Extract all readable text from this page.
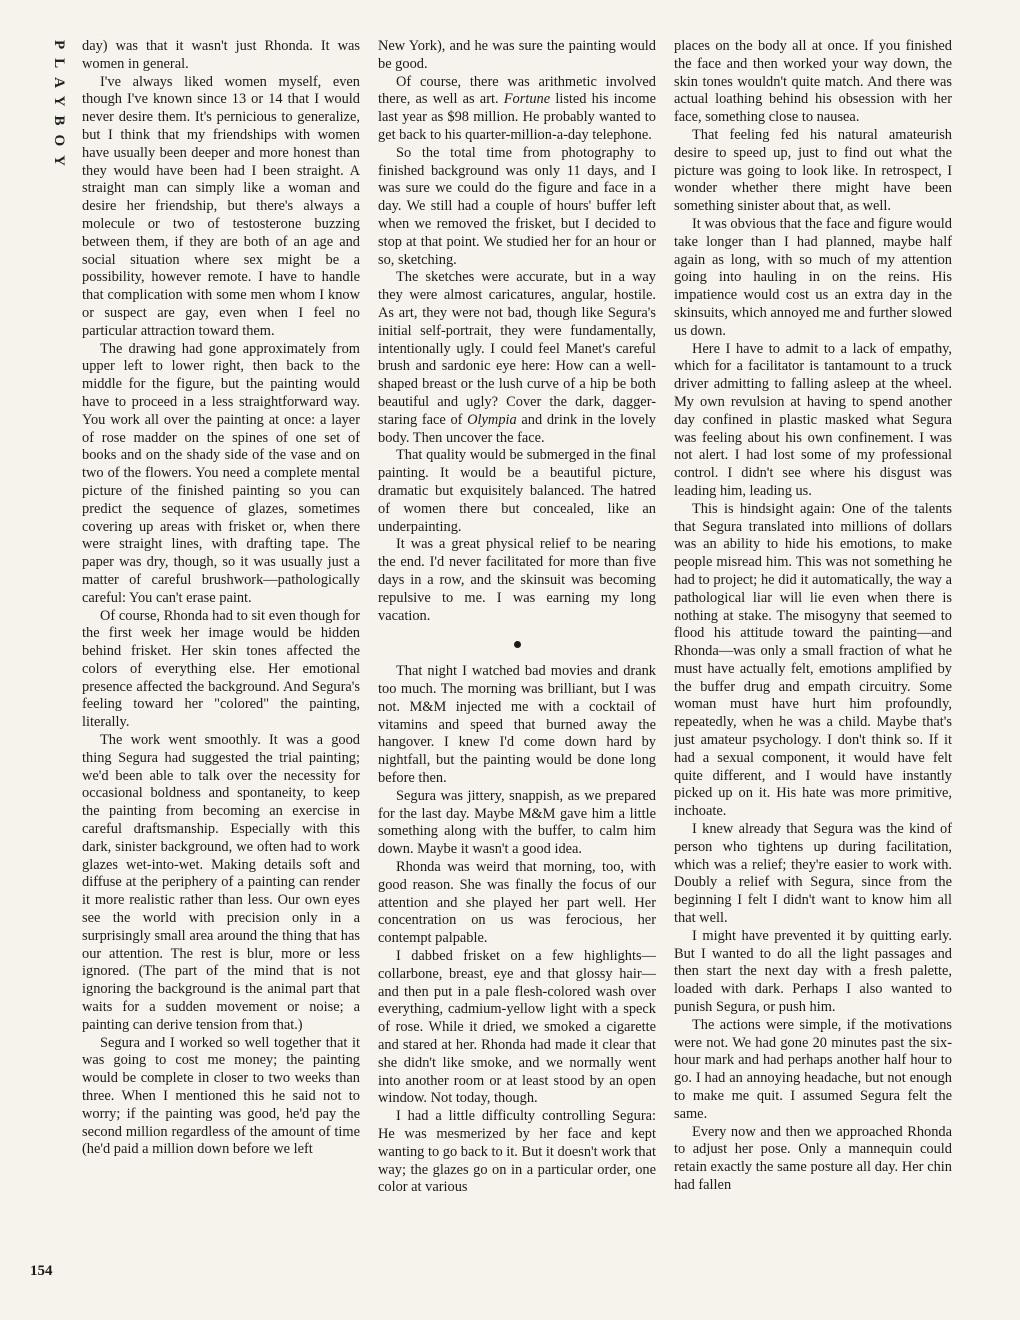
PLAYBOY
154

day) was that it wasn't just Rhonda. It was women in general.

I've always liked women myself, even though I've known since 13 or 14 that I would never desire them. It's pernicious to generalize, but I think that my friendships with women have usually been deeper and more honest than they would have been had I been straight. A straight man can simply like a woman and desire her friendship, but there's always a molecule or two of testosterone buzzing between them, if they are both of an age and social situation where sex might be a possibility, however remote. I have to handle that complication with some men whom I know or suspect are gay, even when I feel no particular attraction toward them.

The drawing had gone approximately from upper left to lower right, then back to the middle for the figure, but the painting would have to proceed in a less straightforward way. You work all over the painting at once: a layer of rose madder on the spines of one set of books and on the shady side of the vase and on two of the flowers. You need a complete mental picture of the finished painting so you can predict the sequence of glazes, sometimes covering up areas with frisket or, when there were straight lines, with drafting tape. The paper was dry, though, so it was usually just a matter of careful brushwork—pathologically careful: You can't erase paint.

Of course, Rhonda had to sit even though for the first week her image would be hidden behind frisket. Her skin tones affected the colors of everything else. Her emotional presence affected the background. And Segura's feeling toward her "colored" the painting, literally.

The work went smoothly. It was a good thing Segura had suggested the trial painting; we'd been able to talk over the necessity for occasional boldness and spontaneity, to keep the painting from becoming an exercise in careful draftsmanship. Especially with this dark, sinister background, we often had to work glazes wet-into-wet. Making details soft and diffuse at the periphery of a painting can render it more realistic rather than less. Our own eyes see the world with precision only in a surprisingly small area around the thing that has our attention. The rest is blur, more or less ignored. (The part of the mind that is not ignoring the background is the animal part that waits for a sudden movement or noise; a painting can derive tension from that.)

Segura and I worked so well together that it was going to cost me money; the painting would be complete in closer to two weeks than three. When I mentioned this he said not to worry; if the painting was good, he'd pay the second million regardless of the amount of time (he'd paid a million down before we left

New York), and he was sure the painting would be good.

Of course, there was arithmetic involved there, as well as art. Fortune listed his income last year as $98 million. He probably wanted to get back to his quarter-million-a-day telephone.

So the total time from photography to finished background was only 11 days, and I was sure we could do the figure and face in a day. We still had a couple of hours' buffer left when we removed the frisket, but I decided to stop at that point. We studied her for an hour or so, sketching.

The sketches were accurate, but in a way they were almost caricatures, angular, hostile. As art, they were not bad, though like Segura's initial self-portrait, they were fundamentally, intentionally ugly. I could feel Manet's careful brush and sardonic eye here: How can a well-shaped breast or the lush curve of a hip be both beautiful and ugly? Cover the dark, dagger-staring face of Olympia and drink in the lovely body. Then uncover the face.

That quality would be submerged in the final painting. It would be a beautiful picture, dramatic but exquisitely balanced. The hatred of women there but concealed, like an underpainting.

It was a great physical relief to be nearing the end. I'd never facilitated for more than five days in a row, and the skinsuit was becoming repulsive to me. I was earning my long vacation.

That night I watched bad movies and drank too much. The morning was brilliant, but I was not. M&M injected me with a cocktail of vitamins and speed that burned away the hangover. I knew I'd come down hard by nightfall, but the painting would be done long before then.

Segura was jittery, snappish, as we prepared for the last day. Maybe M&M gave him a little something along with the buffer, to calm him down. Maybe it wasn't a good idea.

Rhonda was weird that morning, too, with good reason. She was finally the focus of our attention and she played her part well. Her concentration on us was ferocious, her contempt palpable.

I dabbed frisket on a few highlights—collarbone, breast, eye and that glossy hair—and then put in a pale flesh-colored wash over everything, cadmium-yellow light with a speck of rose. While it dried, we smoked a cigarette and stared at her. Rhonda had made it clear that she didn't like smoke, and we normally went into another room or at least stood by an open window. Not today, though.

I had a little difficulty controlling Segura: He was mesmerized by her face and kept wanting to go back to it. But it doesn't work that way; the glazes go on in a particular order, one color at various

places on the body all at once. If you finished the face and then worked your way down, the skin tones wouldn't quite match. And there was actual loathing behind his obsession with her face, something close to nausea.

That feeling fed his natural amateurish desire to speed up, just to find out what the picture was going to look like. In retrospect, I wonder whether there might have been something sinister about that, as well.

It was obvious that the face and figure would take longer than I had planned, maybe half again as long, with so much of my attention going into hauling in on the reins. His impatience would cost us an extra day in the skinsuits, which annoyed me and further slowed us down.

Here I have to admit to a lack of empathy, which for a facilitator is tantamount to a truck driver admitting to falling asleep at the wheel. My own revulsion at having to spend another day confined in plastic masked what Segura was feeling about his own confinement. I was not alert. I had lost some of my professional control. I didn't see where his disgust was leading him, leading us.

This is hindsight again: One of the talents that Segura translated into millions of dollars was an ability to hide his emotions, to make people misread him. This was not something he had to project; he did it automatically, the way a pathological liar will lie even when there is nothing at stake. The misogyny that seemed to flood his attitude toward the painting—and Rhonda—was only a small fraction of what he must have actually felt, emotions amplified by the buffer drug and empath circuitry. Some woman must have hurt him profoundly, repeatedly, when he was a child. Maybe that's just amateur psychology. I don't think so. If it had a sexual component, it would have felt quite different, and I would have instantly picked up on it. His hate was more primitive, inchoate.

I knew already that Segura was the kind of person who tightens up during facilitation, which was a relief; they're easier to work with. Doubly a relief with Segura, since from the beginning I felt I didn't want to know him all that well.

I might have prevented it by quitting early. But I wanted to do all the light passages and then start the next day with a fresh palette, loaded with dark. Perhaps I also wanted to punish Segura, or push him.

The actions were simple, if the motivations were not. We had gone 20 minutes past the six-hour mark and had perhaps another half hour to go. I had an annoying headache, but not enough to make me quit. I assumed Segura felt the same.

Every now and then we approached Rhonda to adjust her pose. Only a mannequin could retain exactly the same posture all day. Her chin had fallen
